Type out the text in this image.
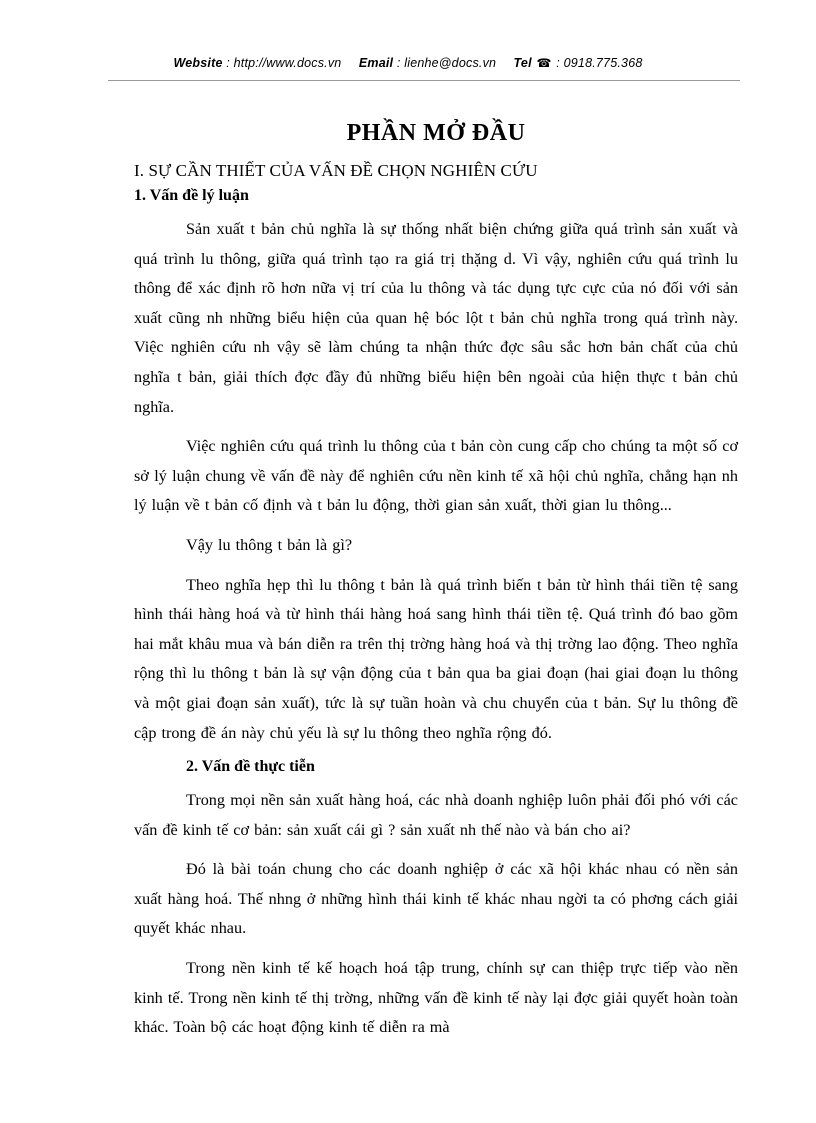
Website : http://www.docs.vn Email : lienhe@docs.vn Tel ☎ : 0918.775.368
PHẦN MỞ ĐẦU
I. SỰ CẦN THIẾT CỦA VẤN ĐỀ CHỌN NGHIÊN CỨU
1. Vấn đề lý luận

Sản xuất t bản chủ nghĩa là sự thống nhất biện chứng giữa quá trình sản xuất và quá trình lu thông, giữa quá trình tạo ra giá trị thặng d. Vì vậy, nghiên cứu quá trình lu thông để xác định rõ hơn nữa vị trí của lu thông và tác dụng tực cực của nó đối với sản xuất cũng nh những biểu hiện của quan hệ bóc lột t bản chủ nghĩa trong quá trình này. Việc nghiên cứu nh vậy sẽ làm chúng ta nhận thức đợc sâu sắc hơn bản chất của chủ nghĩa t bản, giải thích đợc đầy đủ những biểu hiện bên ngoài của hiện thực t bản chủ nghĩa.

Việc nghiên cứu quá trình lu thông của t bản còn cung cấp cho chúng ta một số cơ sở lý luận chung về vấn đề này để nghiên cứu nền kinh tế xã hội chủ nghĩa, chẳng hạn nh lý luận về t bản cố định và t bản lu động, thời gian sản xuất, thời gian lu thông...

Vậy lu thông t bản là gì?

Theo nghĩa hẹp thì lu thông t bản là quá trình biến t bản từ hình thái tiền tệ sang hình thái hàng hoá và từ hình thái hàng hoá sang hình thái tiền tệ. Quá trình đó bao gồm hai mắt khâu mua và bán diễn ra trên thị trờng hàng hoá và thị trờng lao động. Theo nghĩa rộng thì lu thông t bản là sự vận động của t bản qua ba giai đoạn (hai giai đoạn lu thông và một giai đoạn sản xuất), tức là sự tuần hoàn và chu chuyển của t bản. Sự lu thông đề cập trong đề án này chủ yếu là sự lu thông theo nghĩa rộng đó.

2. Vấn đề thực tiễn

Trong mọi nền sản xuất hàng hoá, các nhà doanh nghiệp luôn phải đối phó với các vấn đề kinh tế cơ bản: sản xuất cái gì ? sản xuất nh thế nào và bán cho ai?

Đó là bài toán chung cho các doanh nghiệp ở các xã hội khác nhau có nền sản xuất hàng hoá. Thế nhng ở những hình thái kinh tế khác nhau ngời ta có phơng cách giải quyết khác nhau.

Trong nền kinh tế kế hoạch hoá tập trung, chính sự can thiệp trực tiếp vào nền kinh tế. Trong nền kinh tế thị trờng, những vấn đề kinh tế này lại đợc giải quyết hoàn toàn khác. Toàn bộ các hoạt động kinh tế diễn ra mà
